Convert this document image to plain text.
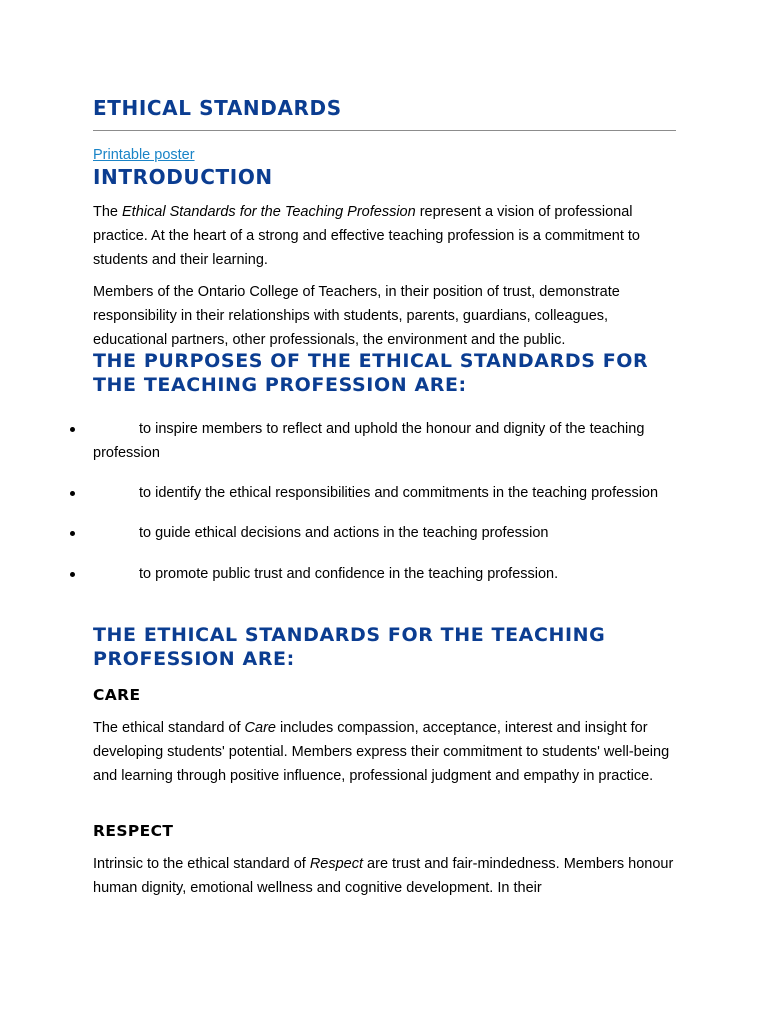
ETHICAL STANDARDS
Printable poster
INTRODUCTION

The Ethical Standards for the Teaching Profession represent a vision of professional practice. At the heart of a strong and effective teaching profession is a commitment to students and their learning.

Members of the Ontario College of Teachers, in their position of trust, demonstrate responsibility in their relationships with students, parents, guardians, colleagues, educational partners, other professionals, the environment and the public.

THE PURPOSES OF THE ETHICAL STANDARDS FOR THE TEACHING PROFESSION ARE:
to inspire members to reflect and uphold the honour and dignity of the teaching profession
to identify the ethical responsibilities and commitments in the teaching profession
to guide ethical decisions and actions in the teaching profession
to promote public trust and confidence in the teaching profession.
THE ETHICAL STANDARDS FOR THE TEACHING PROFESSION ARE:
CARE

The ethical standard of Care includes compassion, acceptance, interest and insight for developing students' potential. Members express their commitment to students' well-being and learning through positive influence, professional judgment and empathy in practice.

RESPECT

Intrinsic to the ethical standard of Respect are trust and fair-mindedness. Members honour human dignity, emotional wellness and cognitive development. In their
